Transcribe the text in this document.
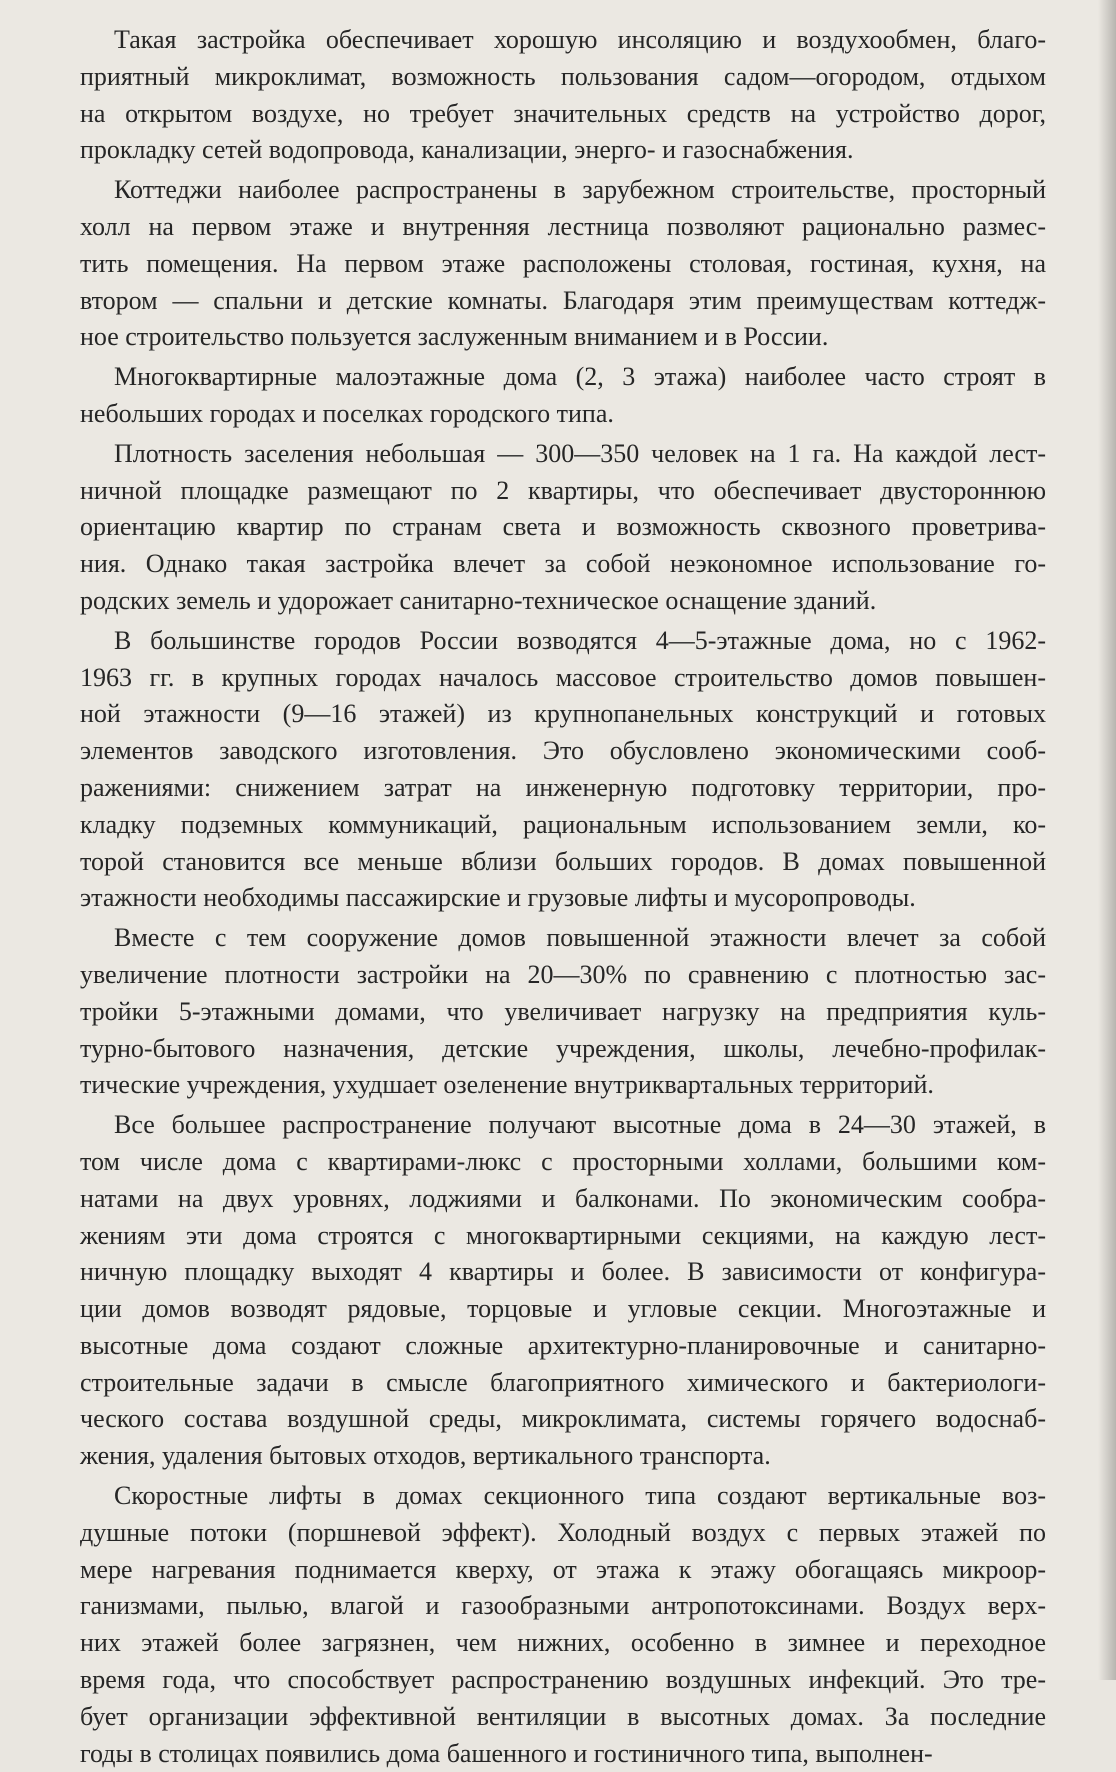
Такая застройка обеспечивает хорошую инсоляцию и воздухообмен, благо-
приятный микроклимат, возможность пользования садом—огородом, отдыхом
на открытом воздухе, но требует значительных средств на устройство дорог,
прокладку сетей водопровода, канализации, энерго- и газоснабжения.
Коттеджи наиболее распространены в зарубежном строительстве, просторный
холл на первом этаже и внутренняя лестница позволяют рационально размес-
тить помещения. На первом этаже расположены столовая, гостиная, кухня, на
втором — спальни и детские комнаты. Благодаря этим преимуществам коттедж-
ное строительство пользуется заслуженным вниманием и в России.
Многоквартирные малоэтажные дома (2, 3 этажа) наиболее часто строят в
небольших городах и поселках городского типа.
Плотность заселения небольшая — 300—350 человек на 1 га. На каждой лест-
ничной площадке размещают по 2 квартиры, что обеспечивает двустороннюю
ориентацию квартир по странам света и возможность сквозного проветрива-
ния. Однако такая застройка влечет за собой неэкономное использование го-
родских земель и удорожает санитарно-техническое оснащение зданий.
В большинстве городов России возводятся 4—5-этажные дома, но с 1962-
1963 гг. в крупных городах началось массовое строительство домов повышен-
ной этажности (9—16 этажей) из крупнопанельных конструкций и готовых
элементов заводского изготовления. Это обусловлено экономическими сооб-
ражениями: снижением затрат на инженерную подготовку территории, про-
кладку подземных коммуникаций, рациональным использованием земли, ко-
торой становится все меньше вблизи больших городов. В домах повышенной
этажности необходимы пассажирские и грузовые лифты и мусоропроводы.
Вместе с тем сооружение домов повышенной этажности влечет за собой
увеличение плотности застройки на 20—30% по сравнению с плотностью зас-
тройки 5-этажными домами, что увеличивает нагрузку на предприятия куль-
турно-бытового назначения, детские учреждения, школы, лечебно-профилак-
тические учреждения, ухудшает озеленение внутриквартальных территорий.
Все большее распространение получают высотные дома в 24—30 этажей, в
том числе дома с квартирами-люкс с просторными холлами, большими ком-
натами на двух уровнях, лоджиями и балконами. По экономическим сообра-
жениям эти дома строятся с многоквартирными секциями, на каждую лест-
ничную площадку выходят 4 квартиры и более. В зависимости от конфигура-
ции домов возводят рядовые, торцовые и угловые секции. Многоэтажные и
высотные дома создают сложные архитектурно-планировочные и санитарно-
строительные задачи в смысле благоприятного химического и бактериологи-
ческого состава воздушной среды, микроклимата, системы горячего водоснаб-
жения, удаления бытовых отходов, вертикального транспорта.
Скоростные лифты в домах секционного типа создают вертикальные воз-
душные потоки (поршневой эффект). Холодный воздух с первых этажей по
мере нагревания поднимается кверху, от этажа к этажу обогащаясь микроор-
ганизмами, пылью, влагой и газообразными антропотоксинами. Воздух верх-
них этажей более загрязнен, чем нижних, особенно в зимнее и переходное
время года, что способствует распространению воздушных инфекций. Это тре-
бует организации эффективной вентиляции в высотных домах. За последние
годы в столицах появились дома башенного и гостиничного типа, выполнен-
